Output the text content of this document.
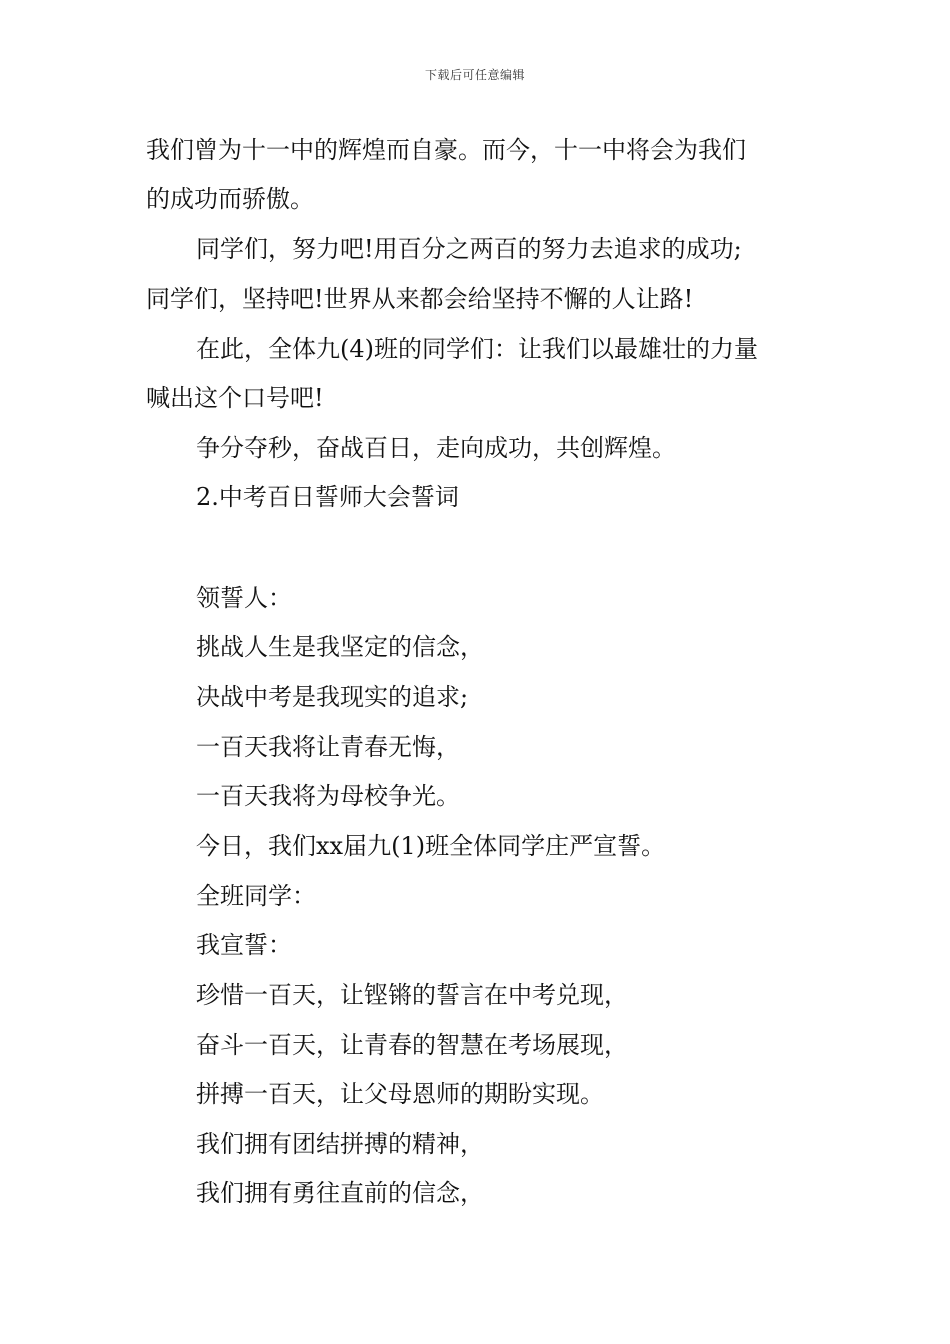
下载后可任意编辑
我们曾为十一中的辉煌而自豪。而今，十一中将会为我们
的成功而骄傲。
同学们，努力吧!用百分之两百的努力去追求的成功;
同学们，坚持吧!世界从来都会给坚持不懈的人让路!
在此，全体九(4)班的同学们：让我们以最雄壮的力量
喊出这个口号吧!
争分夺秒，奋战百日，走向成功，共创辉煌。
2.中考百日誓师大会誓词
领誓人：
挑战人生是我坚定的信念，
决战中考是我现实的追求;
一百天我将让青春无悔，
一百天我将为母校争光。
今日，我们xx届九(1)班全体同学庄严宣誓。
全班同学：
我宣誓：
珍惜一百天，让铿锵的誓言在中考兑现，
奋斗一百天，让青春的智慧在考场展现，
拼搏一百天，让父母恩师的期盼实现。
我们拥有团结拼搏的精神，
我们拥有勇往直前的信念，
